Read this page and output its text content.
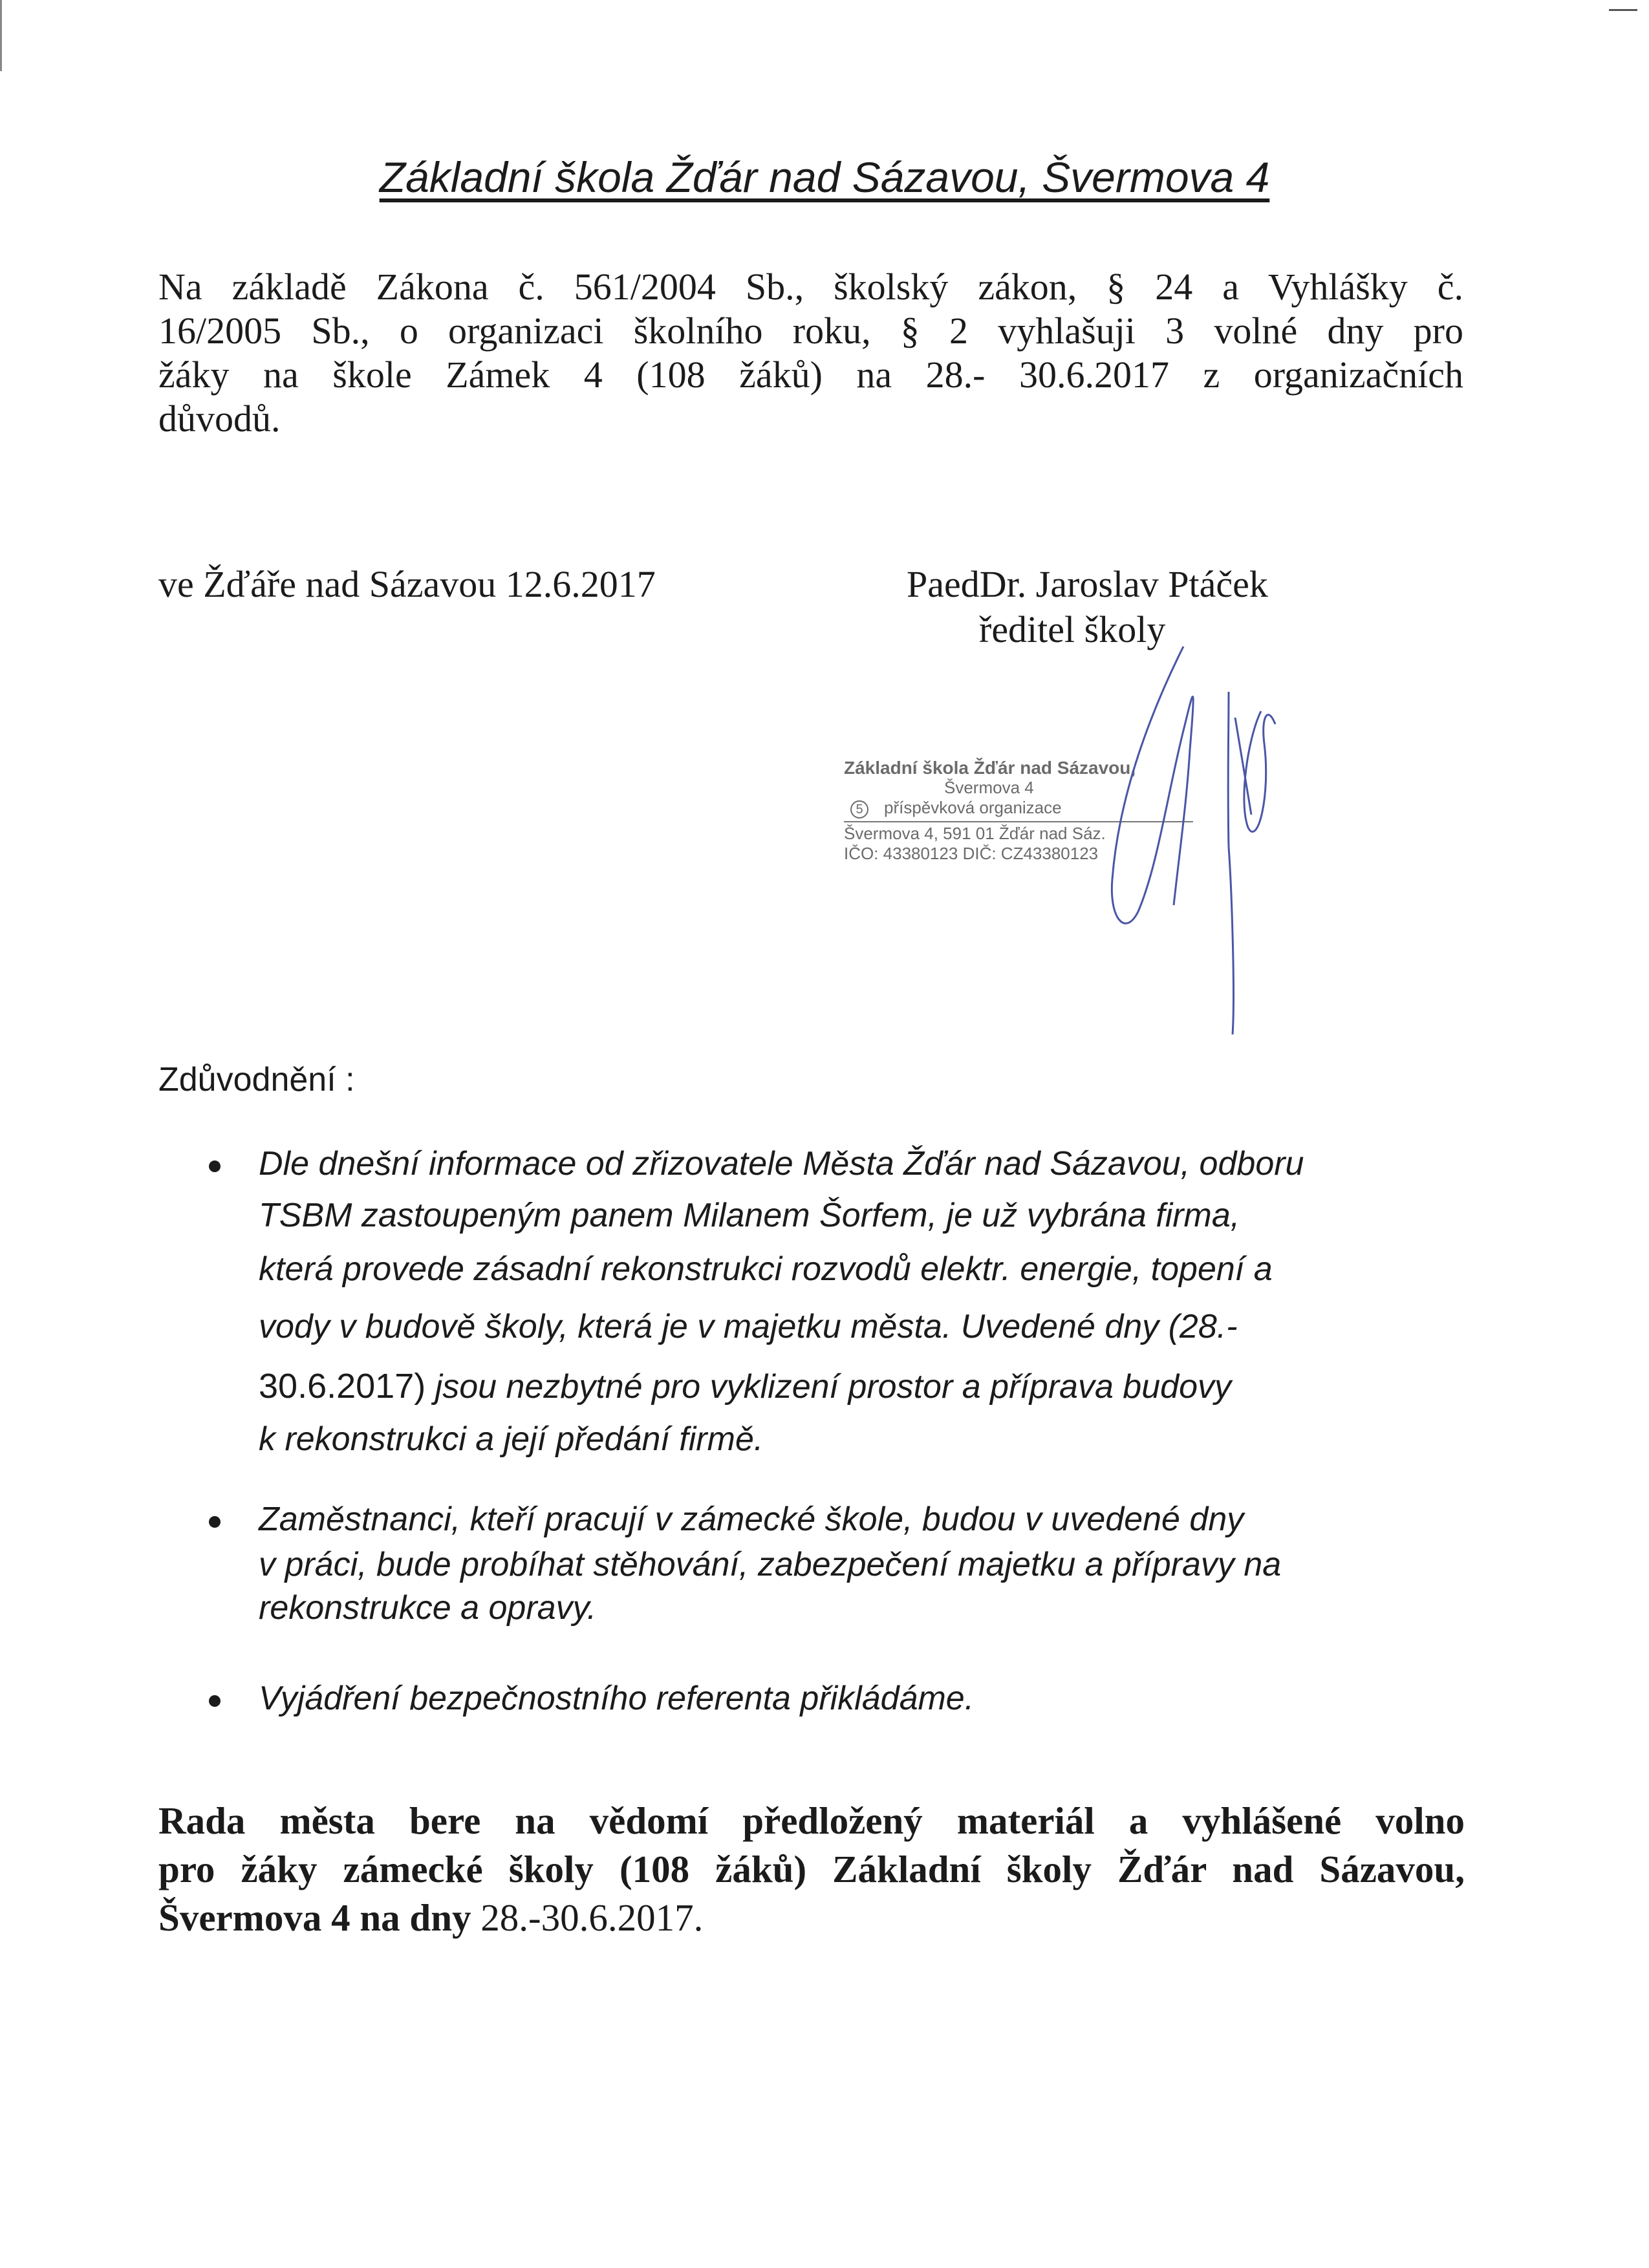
Základní škola Žďár nad Sázavou, Švermova 4
Na základě Zákona č. 561/2004 Sb., školský zákon, § 24 a Vyhlášky č.
16/2005 Sb., o organizaci školního roku, § 2 vyhlašuji 3 volné dny pro
žáky na škole Zámek 4 (108 žáků) na 28.- 30.6.2017 z organizačních
důvodů.
ve Žďáře nad Sázavou 12.6.2017	PaedDr. Jaroslav Ptáček
ředitel školy
Základní škola Žďár nad Sázavou,
Švermova 4
5 příspěvková organizace
Švermova 4, 591 01 Žďár nad Sáz.
IČO: 43380123 DIČ: CZ43380123
Zdůvodnění :
Dle dnešní informace od zřizovatele Města Žďár nad Sázavou, odboru
TSBM zastoupeným panem Milanem Šorfem, je už vybrána firma,
která provede zásadní rekonstrukci rozvodů elektr. energie, topení a
vody v budově školy, která je v majetku města. Uvedené dny (28.-
30.6.2017) jsou nezbytné pro vyklizení prostor a příprava budovy
k rekonstrukci a její předání firmě.
Zaměstnanci, kteří pracují v zámecké škole, budou v uvedené dny
v práci, bude probíhat stěhování, zabezpečení majetku a přípravy na
rekonstrukce a opravy.
Vyjádření bezpečnostního referenta přikládáme.
Rada města bere na vědomí předložený materiál a vyhlášené volno
pro žáky zámecké školy (108 žáků) Základní školy Žďár nad Sázavou,
Švermova 4 na dny 28.-30.6.2017.
